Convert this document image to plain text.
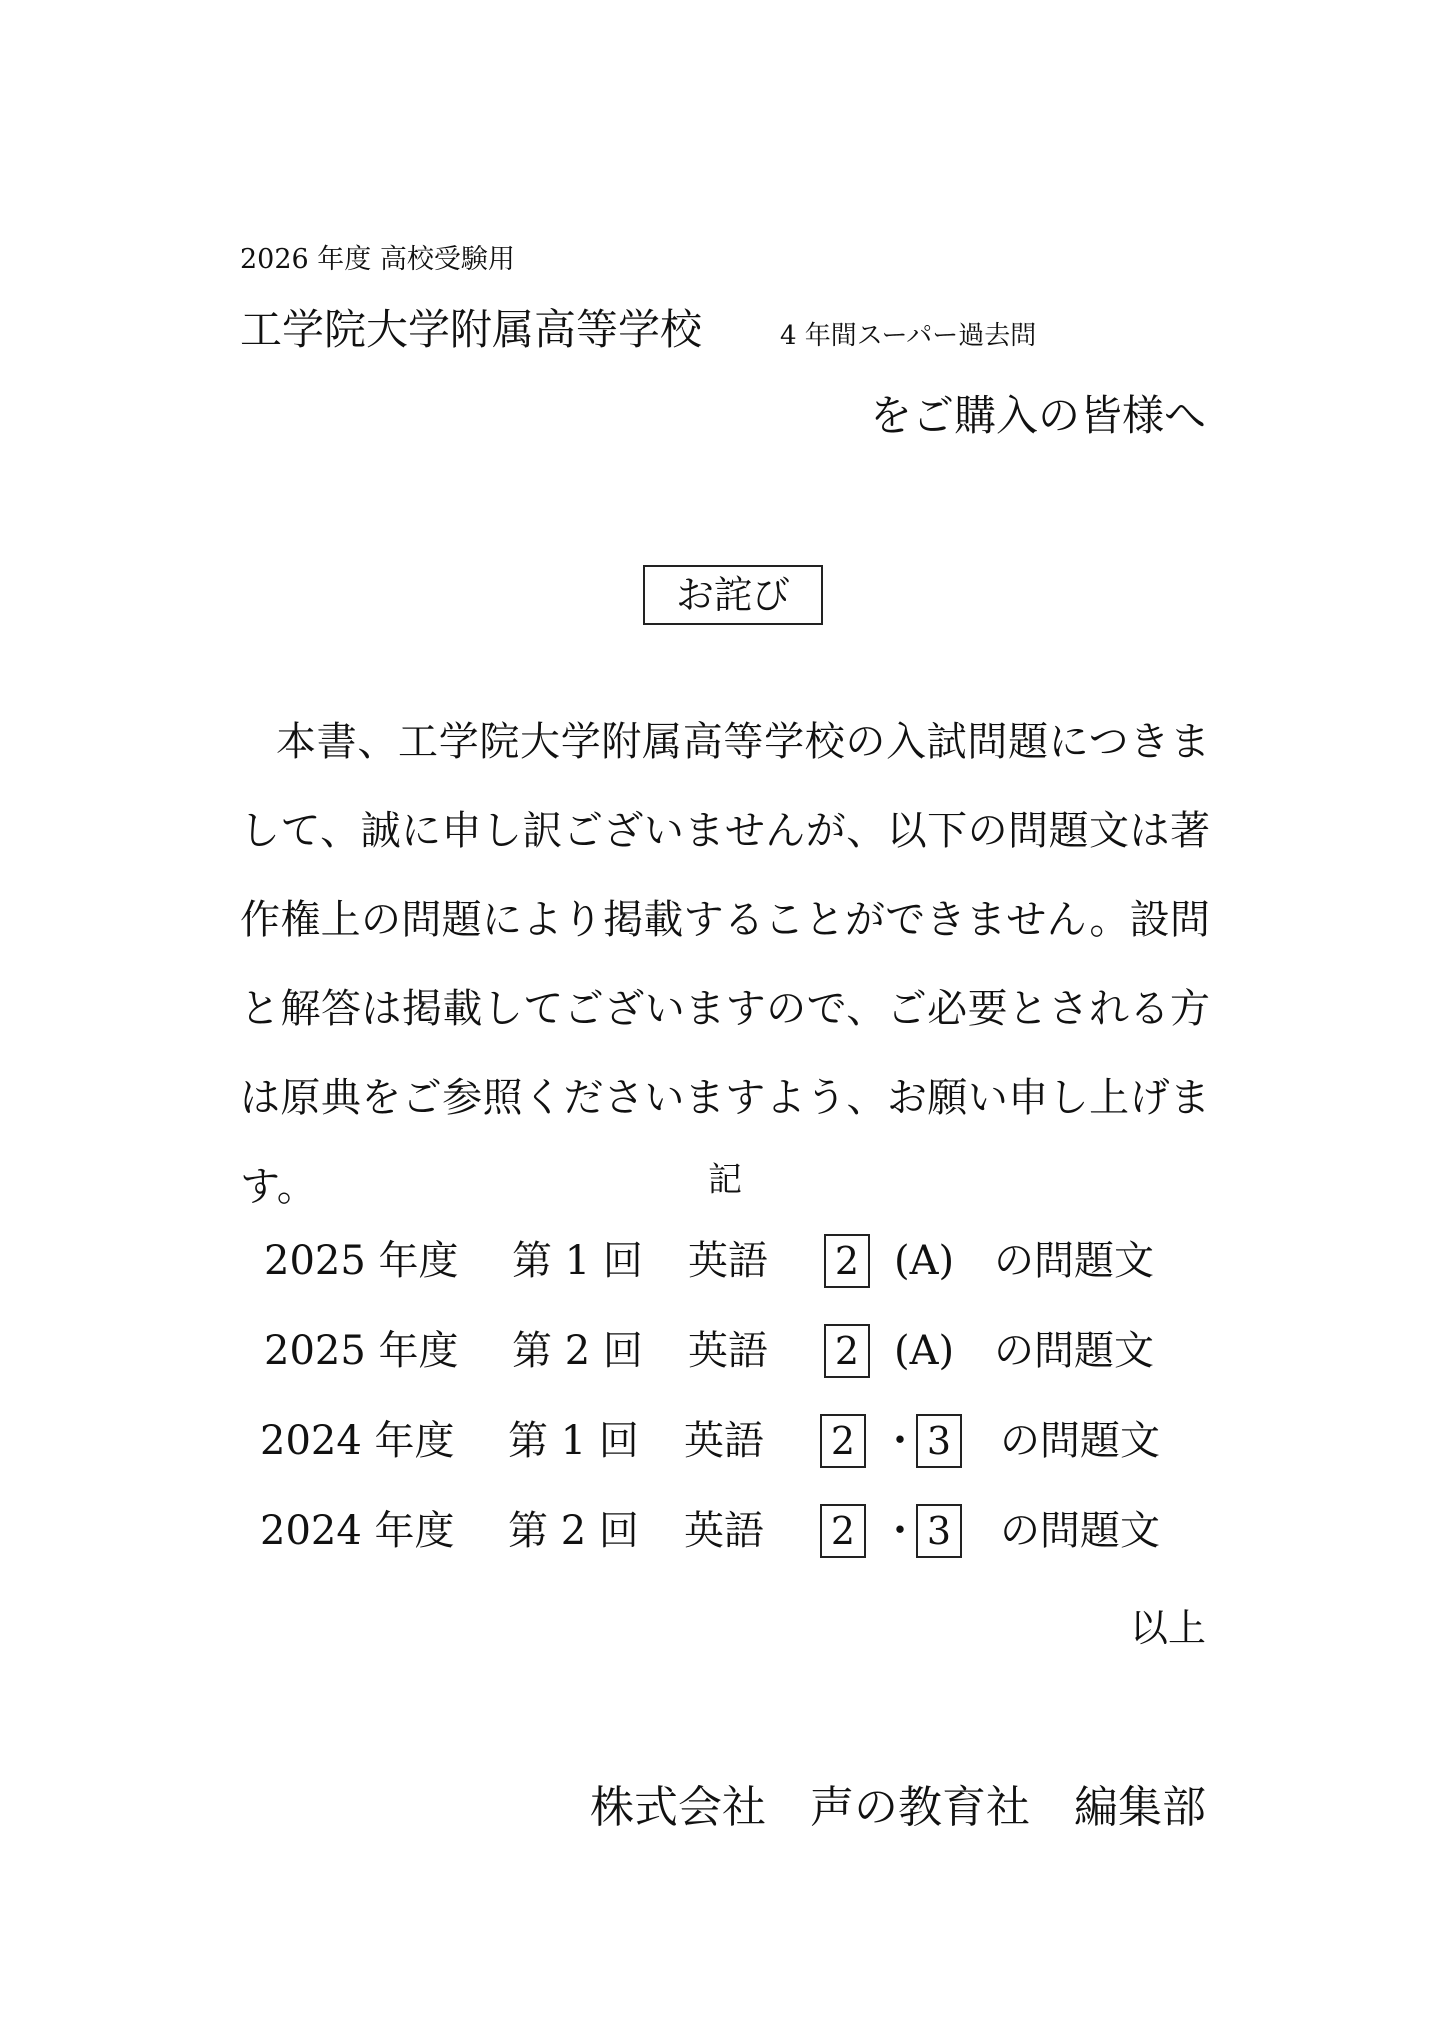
2026 年度 高校受験用
工学院大学附属高等学校	4 年間スーパー過去問
をご購入の皆様へ
お詫び
本書、工学院大学附属高等学校の入試問題につきまして、誠に申し訳ございませんが、以下の問題文は著作権上の問題により掲載することができません。設問と解答は掲載してございますので、ご必要とされる方は原典をご参照くださいますよう、お願い申し上げます。	記
2025 年度 第 1 回 英語 2 (A) の問題文
2025 年度 第 2 回 英語 2 (A) の問題文
2024 年度 第 1 回 英語 2 ・ 3 の問題文
2024 年度 第 2 回 英語 2 ・ 3 の問題文
以上
株式会社　声の教育社　編集部
